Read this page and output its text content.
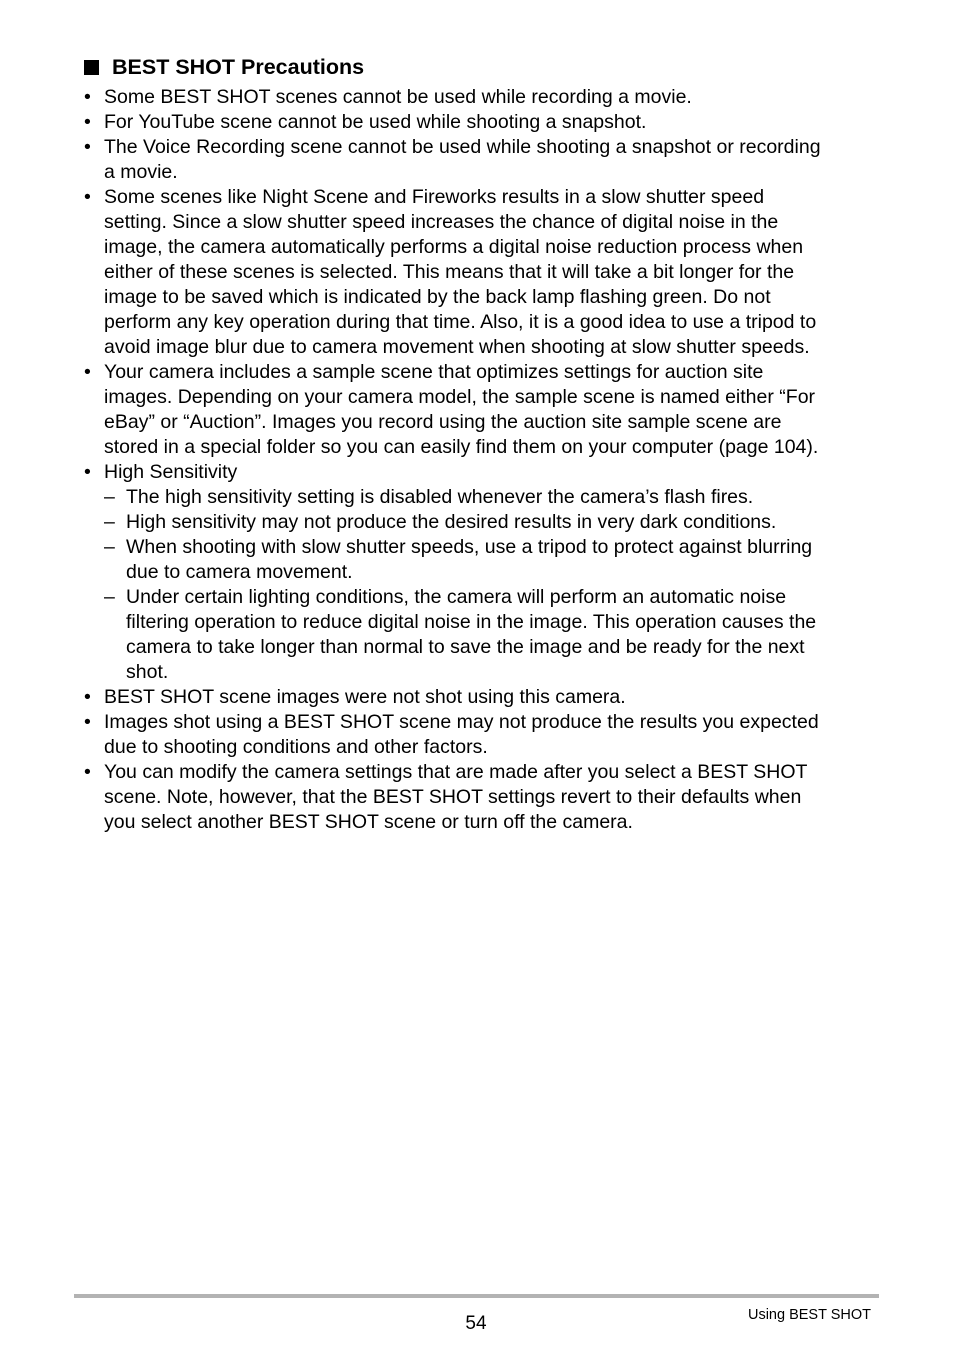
BEST SHOT Precautions
• Some BEST SHOT scenes cannot be used while recording a movie.
• For YouTube scene cannot be used while shooting a snapshot.
• The Voice Recording scene cannot be used while shooting a snapshot or recording
a movie.
• Some scenes like Night Scene and Fireworks results in a slow shutter speed
setting. Since a slow shutter speed increases the chance of digital noise in the
image, the camera automatically performs a digital noise reduction process when
either of these scenes is selected. This means that it will take a bit longer for the
image to be saved which is indicated by the back lamp flashing green. Do not
perform any key operation during that time. Also, it is a good idea to use a tripod to
avoid image blur due to camera movement when shooting at slow shutter speeds.
• Your camera includes a sample scene that optimizes settings for auction site
images. Depending on your camera model, the sample scene is named either “For
eBay” or “Auction”. Images you record using the auction site sample scene are
stored in a special folder so you can easily find them on your computer (page 104).
• High Sensitivity
– The high sensitivity setting is disabled whenever the camera’s flash fires.
– High sensitivity may not produce the desired results in very dark conditions.
– When shooting with slow shutter speeds, use a tripod to protect against blurring
due to camera movement.
– Under certain lighting conditions, the camera will perform an automatic noise
filtering operation to reduce digital noise in the image. This operation causes the
camera to take longer than normal to save the image and be ready for the next
shot.
• BEST SHOT scene images were not shot using this camera.
• Images shot using a BEST SHOT scene may not produce the results you expected
due to shooting conditions and other factors.
• You can modify the camera settings that are made after you select a BEST SHOT
scene. Note, however, that the BEST SHOT settings revert to their defaults when
you select another BEST SHOT scene or turn off the camera.
54	Using BEST SHOT
